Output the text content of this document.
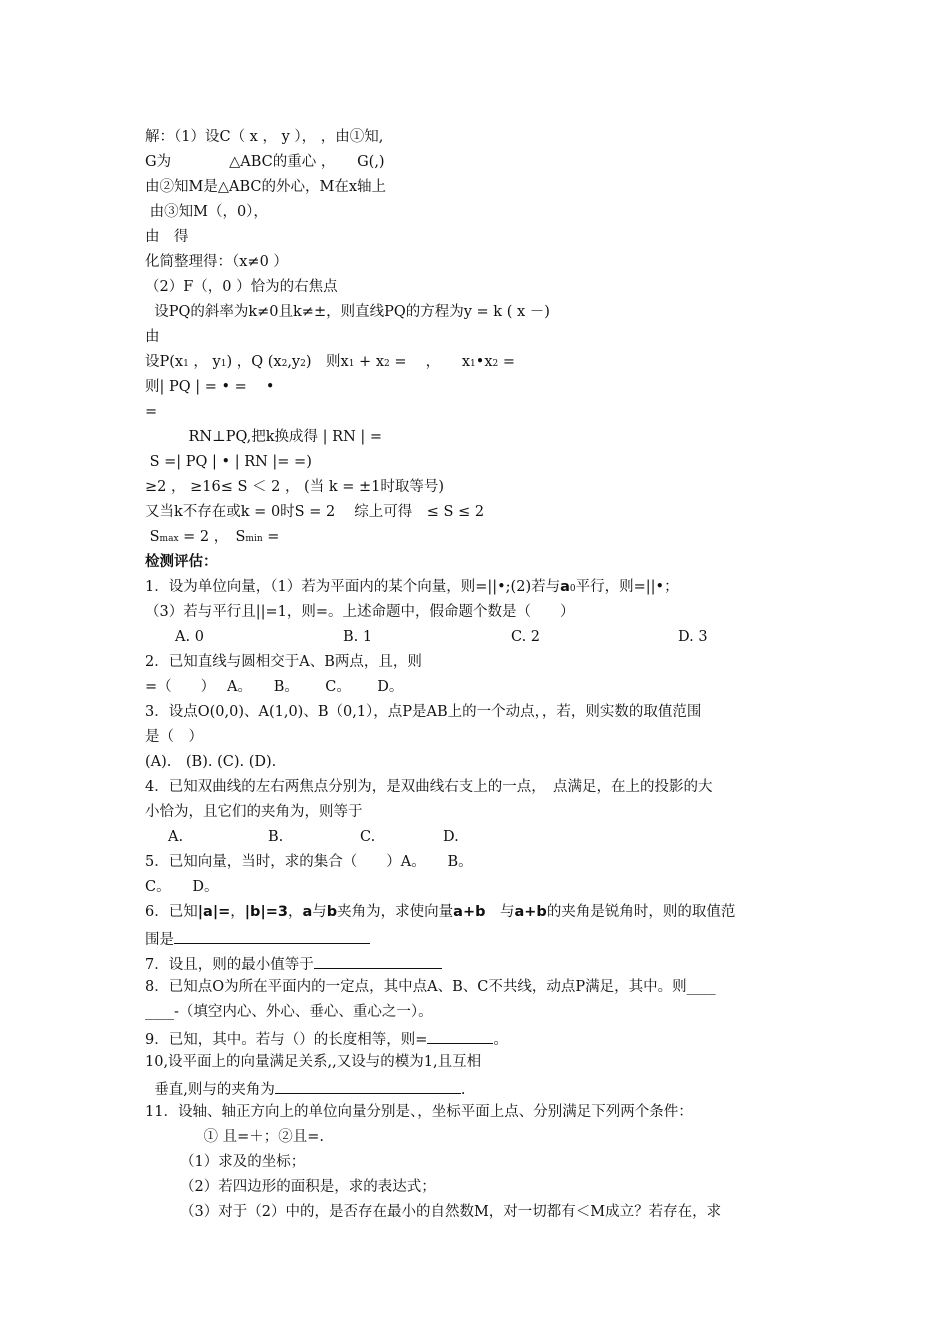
解：（1）设C（ x ， y ）， ，由①知,
G为　　　　△ABC的重心 ，　　G(,)
由②知M是△ABC的外心，M在x轴上
由③知M（，0），
由　得
化简整理得：（x≠0 ）
（2）F（，0 ）恰为的右焦点
设PQ的斜率为k≠0且k≠±，则直线PQ的方程为y = k ( x －)
由
设P(x1 ， y1) ，Q (x2,y2)　则x1 + x2 = 　，　　x1•x2 =
则| PQ | = • = 　•
=
　　　RN⊥PQ,把k换成得 | RN | =
S =| PQ | • | RN |= =)
≥2 ， ≥16≤ S ＜ 2 ， (当 k = ±1时取等号)
又当k不存在或k = 0时S = 2　 综上可得　≤ S ≤ 2
Smax = 2 ，　Smin =
检测评估：
1．设为单位向量，（1）若为平面内的某个向量，则=||•;(2)若与a0平行，则=||•；
（3）若与平行且||=1，则=。上述命题中，假命题个数是（　　）
A. 0	B. 1	C. 2	D. 3
2．已知直线与圆相交于A、B两点，且，则
=（　　）　 A。　　B。　　 C。　　 D。
3．设点O(0,0)、A(1,0)、B（0,1），点P是AB上的一个动点，，若，则实数的取值范围
是（　）
(A).　(B). (C). (D).
4．已知双曲线的左右两焦点分别为，是双曲线右支上的一点，　点满足，在上的投影的大
小恰为，且它们的夹角为，则等于
A.	B.	C.	D.
5．已知向量，当时，求的集合（　　）A。　　B。
C。　　D。
6．已知|a|=，|b|=3，a与b夹角为，求使向量a+b　与a+b的夹角是锐角时，则的取值范
围是
7．设且，则的最小值等于
8．已知点O为所在平面内的一定点，其中点A、B、C不共线，动点P满足，其中。则____
____-（填空内心、外心、垂心、重心之一）。
9．已知，其中。若与（）的长度相等，则=	。
10,设平面上的向量满足关系,,又设与的模为1,且互相
垂直,则与的夹角为	.
11．设轴、轴正方向上的单位向量分别是、，坐标平面上点、分别满足下列两个条件：
　　　① 且=＋；②且=.
（1）求及的坐标；
（2）若四边形的面积是，求的表达式；
（3）对于（2）中的，是否存在最小的自然数M，对一切都有＜M成立？若存在，求
